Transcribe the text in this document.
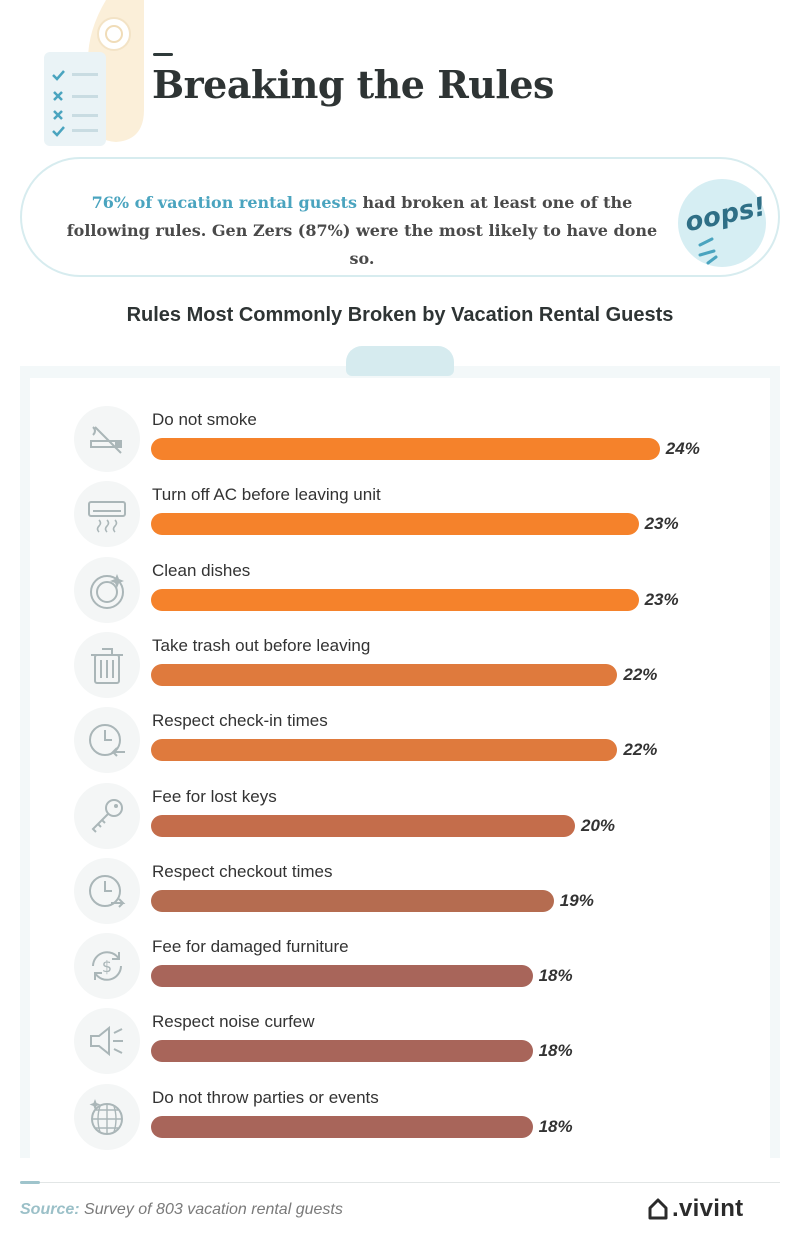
Breaking the Rules

76% of vacation rental guests had broken at least one of the following rules. Gen Zers (87%) were the most likely to have done so.

oops!
Rules Most Commonly Broken by Vacation Rental Guests
Do not smoke
24%
Turn off AC before leaving unit
23%
Clean dishes
23%
Take trash out before leaving
22%
Respect check-in times
22%
Fee for lost keys
20%
Respect checkout times
19%
$
Fee for damaged furniture
18%
Respect noise curfew
18%
Do not throw parties or events
18%

Source: Survey of 803 vacation rental guests	.vivint
